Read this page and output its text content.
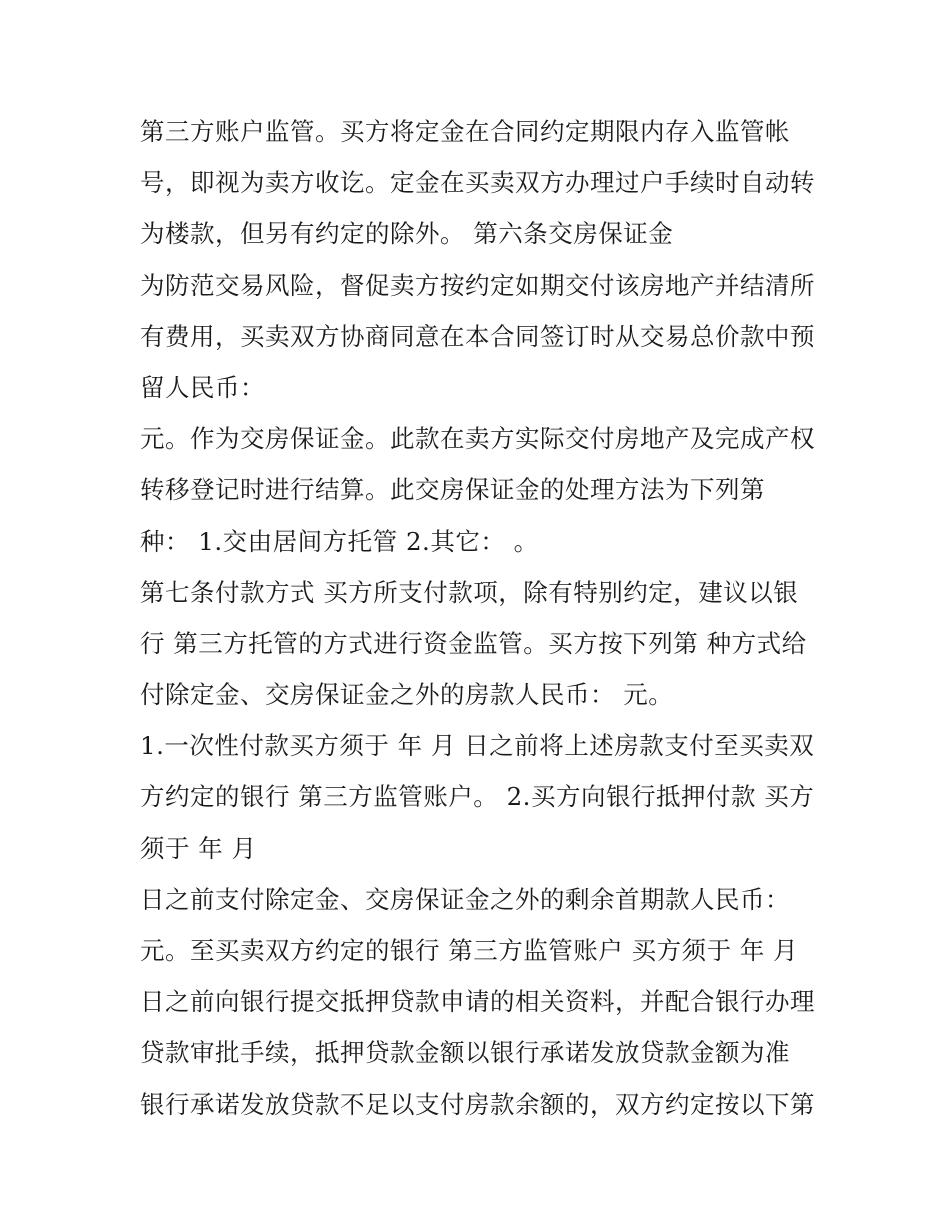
第三方账户监管。买方将定金在合同约定期限内存入监管帐
号，即视为卖方收讫。定金在买卖双方办理过户手续时自动转
为楼款，但另有约定的除外。 第六条交房保证金
为防范交易风险，督促卖方按约定如期交付该房地产并结清所
有费用，买卖双方协商同意在本合同签订时从交易总价款中预
留人民币：
元。作为交房保证金。此款在卖方实际交付房地产及完成产权
转移登记时进行结算。此交房保证金的处理方法为下列第
种： 1.交由居间方托管 2.其它： 。
第七条付款方式 买方所支付款项，除有特别约定，建议以银
行 第三方托管的方式进行资金监管。买方按下列第 种方式给
付除定金、交房保证金之外的房款人民币： 元。
1.一次性付款买方须于 年 月 日之前将上述房款支付至买卖双
方约定的银行 第三方监管账户。 2.买方向银行抵押付款 买方
须于 年 月
日之前支付除定金、交房保证金之外的剩余首期款人民币：
元。至买卖双方约定的银行 第三方监管账户 买方须于 年 月
日之前向银行提交抵押贷款申请的相关资料，并配合银行办理
贷款审批手续，抵押贷款金额以银行承诺发放贷款金额为准
银行承诺发放贷款不足以支付房款余额的，双方约定按以下第
